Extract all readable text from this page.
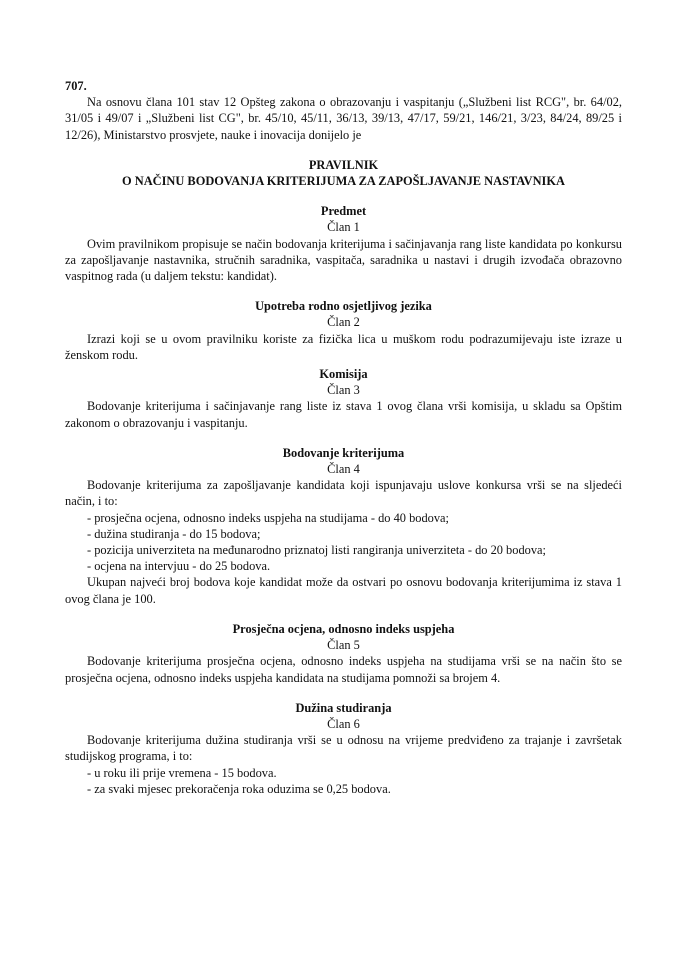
707.

Na osnovu člana 101 stav 12 Opšteg zakona o obrazovanju i vaspitanju („Službeni list RCG", br. 64/02, 31/05 i 49/07 i „Službeni list CG", br. 45/10, 45/11, 36/13, 39/13, 47/17, 59/21, 146/21, 3/23, 84/24, 89/25 i 12/26), Ministarstvo prosvjete, nauke i inovacija donijelo je

PRAVILNIK

O NAČINU BODOVANJA KRITERIJUMA ZA ZAPOŠLJAVANJE NASTAVNIKA

Predmet

Član 1

Ovim pravilnikom propisuje se način bodovanja kriterijuma i sačinjavanja rang liste kandidata po konkursu za zapošljavanje nastavnika, stručnih saradnika, vaspitača, saradnika u nastavi i drugih izvođača obrazovno vaspitnog rada (u daljem tekstu: kandidat).

Upotreba rodno osjetljivog jezika

Član 2

Izrazi koji se u ovom pravilniku koriste za fizička lica u muškom rodu podrazumijevaju iste izraze u ženskom rodu.

Komisija

Član 3

Bodovanje kriterijuma i sačinjavanje rang liste iz stava 1 ovog člana vrši komisija, u skladu sa Opštim zakonom o obrazovanju i vaspitanju.

Bodovanje kriterijuma

Član 4

Bodovanje kriterijuma za zapošljavanje kandidata koji ispunjavaju uslove konkursa vrši se na sljedeći način, i to:

- prosječna ocjena, odnosno indeks uspjeha na studijama - do 40 bodova;

- dužina studiranja - do 15 bodova;

- pozicija univerziteta na međunarodno priznatoj listi rangiranja univerziteta - do 20 bodova;

- ocjena na intervjuu - do 25 bodova.

Ukupan najveći broj bodova koje kandidat može da ostvari po osnovu bodovanja kriterijumima iz stava 1 ovog člana je 100.

Prosječna ocjena, odnosno indeks uspjeha

Član 5

Bodovanje kriterijuma prosječna ocjena, odnosno indeks uspjeha na studijama vrši se na način što se prosječna ocjena, odnosno indeks uspjeha kandidata na studijama pomnoži sa brojem 4.

Dužina studiranja

Član 6

Bodovanje kriterijuma dužina studiranja vrši se u odnosu na vrijeme predviđeno za trajanje i završetak studijskog programa, i to:

- u roku ili prije vremena - 15 bodova.

- za svaki mjesec prekoračenja roka oduzima se 0,25 bodova.
